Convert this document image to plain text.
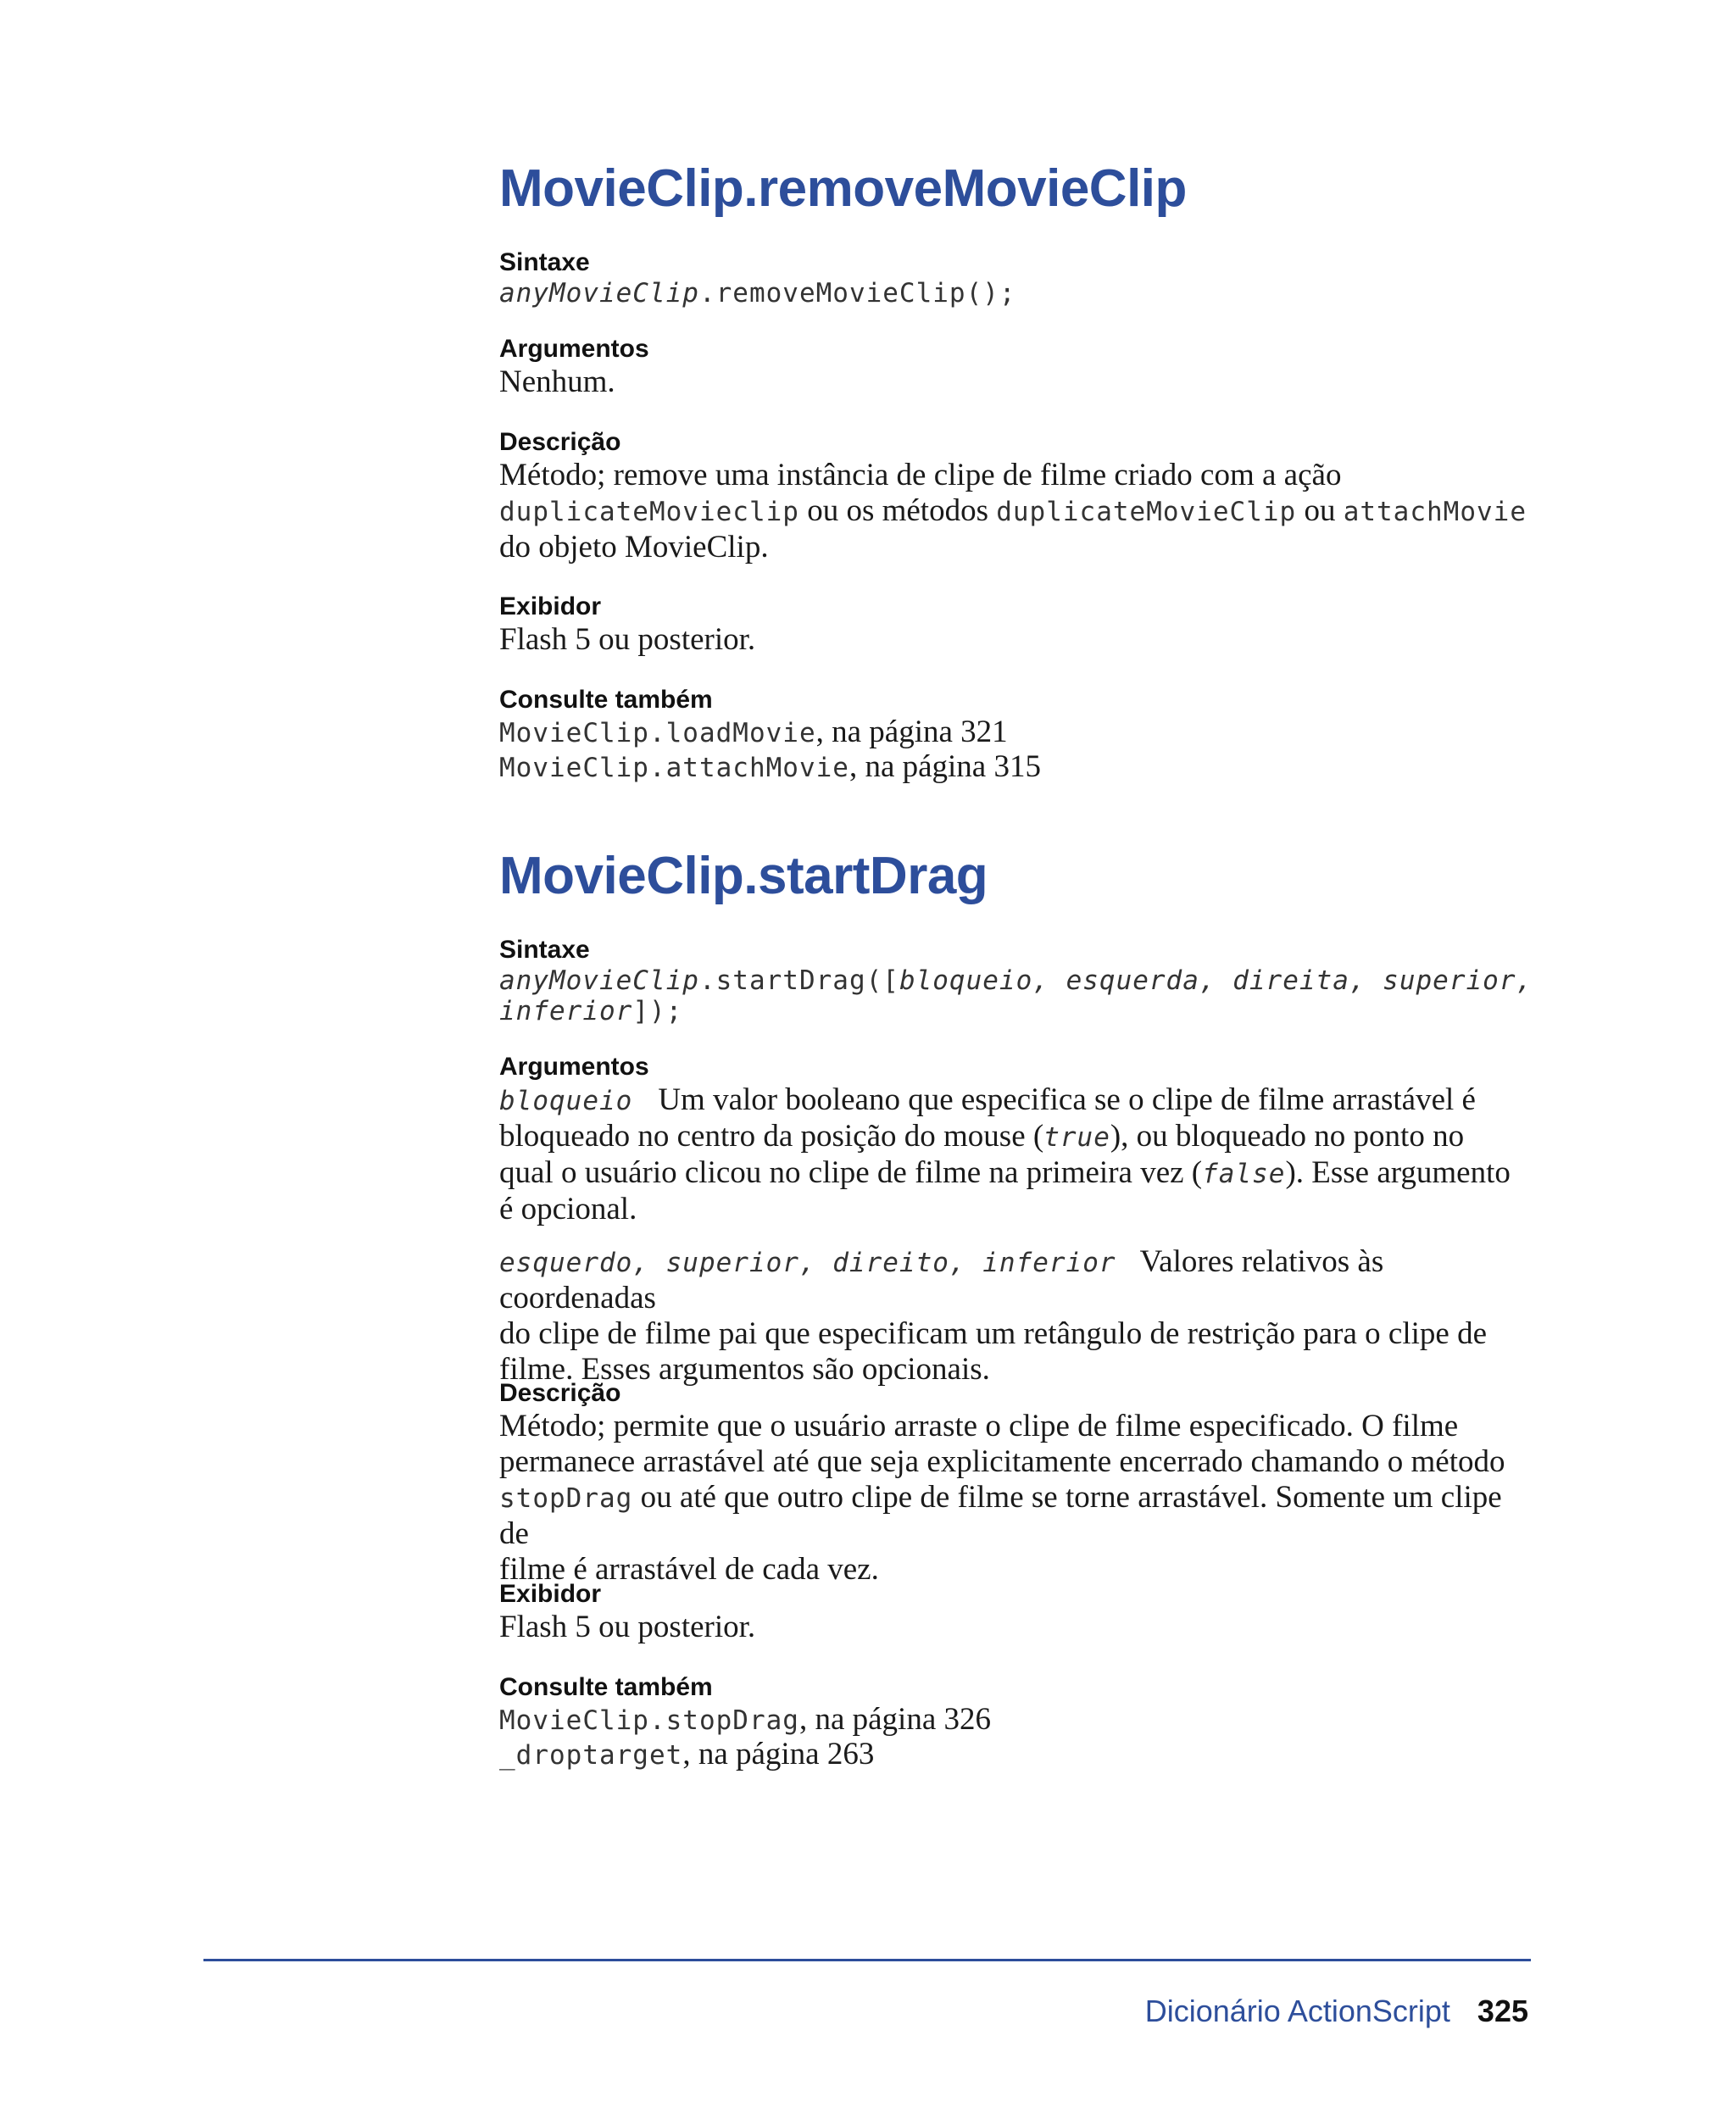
MovieClip.removeMovieClip
Sintaxe
anyMovieClip.removeMovieClip();
Argumentos
Nenhum.
Descrição
Método; remove uma instância de clipe de filme criado com a ação
duplicateMovieclip ou os métodos duplicateMovieClip ou attachMovie
do objeto MovieClip.
Exibidor
Flash 5 ou posterior.
Consulte também
MovieClip.loadMovie, na página 321
MovieClip.attachMovie, na página 315
MovieClip.startDrag
Sintaxe
anyMovieClip.startDrag([bloqueio, esquerda, direita, superior,
inferior]);
Argumentos
bloqueio Um valor booleano que especifica se o clipe de filme arrastável é
bloqueado no centro da posição do mouse (true), ou bloqueado no ponto no
qual o usuário clicou no clipe de filme na primeira vez (false). Esse argumento
é opcional.
esquerdo, superior, direito, inferior Valores relativos às coordenadas
do clipe de filme pai que especificam um retângulo de restrição para o clipe de
filme. Esses argumentos são opcionais.
Descrição
Método; permite que o usuário arraste o clipe de filme especificado. O filme
permanece arrastável até que seja explicitamente encerrado chamando o método
stopDrag ou até que outro clipe de filme se torne arrastável. Somente um clipe de
filme é arrastável de cada vez.
Exibidor
Flash 5 ou posterior.
Consulte também
MovieClip.stopDrag, na página 326
_droptarget, na página 263
Dicionário ActionScript 325
